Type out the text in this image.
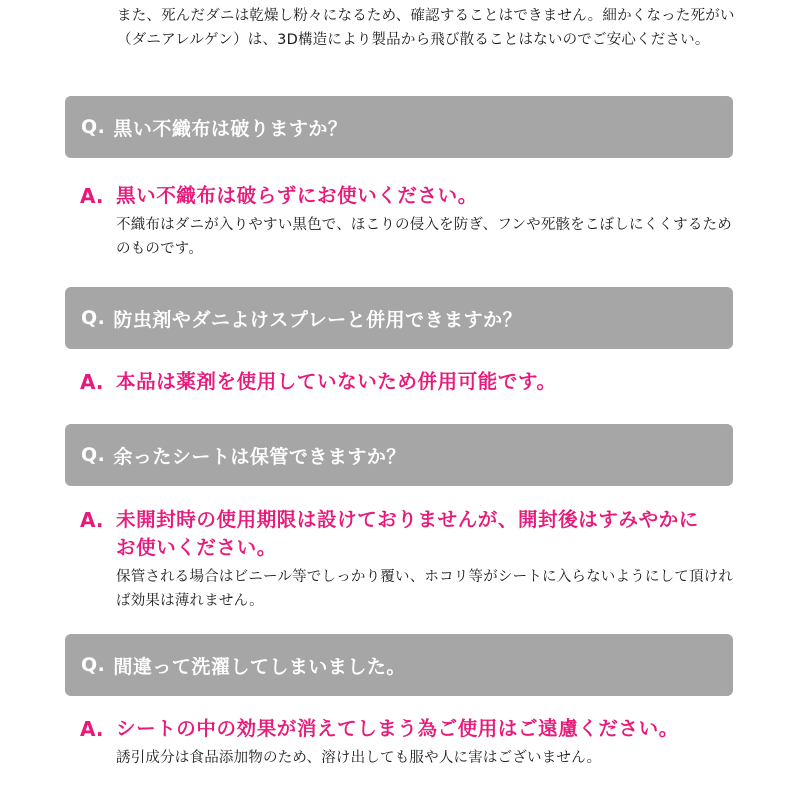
また、死んだダニは乾燥し粉々になるため、確認することはできません。細かくなった死がい（ダニアレルゲン）は、3D構造により製品から飛び散ることはないのでご安心ください。

Q. 黒い不織布は破りますか？
A. 黒い不織布は破らずにお使いください。

不織布はダニが入りやすい黒色で、ほこりの侵入を防ぎ、フンや死骸をこぼしにくくするためのものです。

Q. 防虫剤やダニよけスプレーと併用できますか？
A. 本品は薬剤を使用していないため併用可能です。

Q. 余ったシートは保管できますか？
A. 未開封時の使用期限は設けておりませんが、開封後はすみやかにお使いください。

保管される場合はビニール等でしっかり覆い、ホコリ等がシートに入らないようにして頂ければ効果は薄れません。

Q. 間違って洗濯してしまいました。
A. シートの中の効果が消えてしまう為ご使用はご遠慮ください。

誘引成分は食品添加物のため、溶け出しても服や人に害はございません。
